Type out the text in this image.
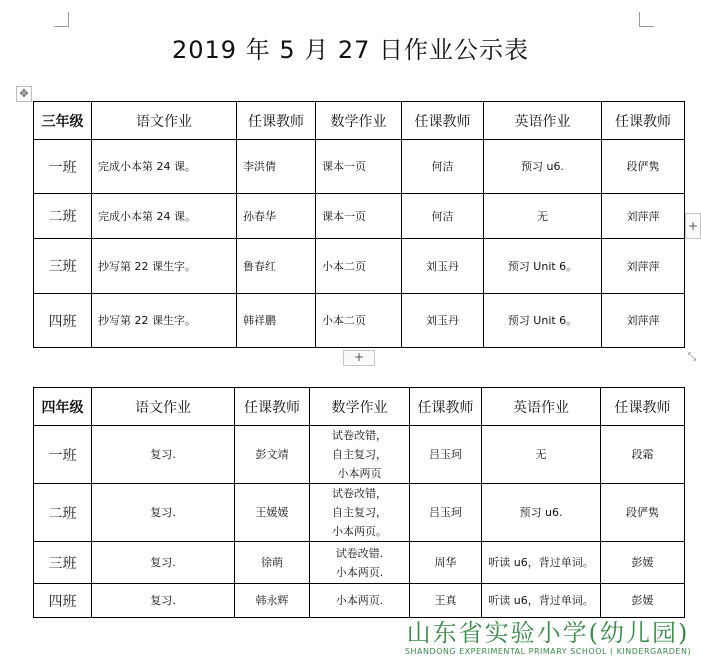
2019 年 5 月 27 日作业公示表
✥
三年级	语文作业	任课教师	数学作业	任课教师	英语作业	任课教师
一班	完成小本第 24 课。	李洪倩	课本一页	何洁	预习 u6.	段俨隽
二班	完成小本第 24 课。	孙春华	课本一页	何洁	无	刘萍萍
三班	抄写第 22 课生字。	鲁春红	小本二页	刘玉丹	预习 Unit 6。	刘萍萍
四班	抄写第 22 课生字。	韩祥鹏	小本二页	刘玉丹	预习 Unit 6。	刘萍萍
+
+
⤡
四年级	语文作业	任课教师	数学作业	任课教师	英语作业	任课教师
一班	复习.	彭文靖	试卷改错，
自主复习，
小本两页	吕玉珂	无	段霜
二班	复习.	王媛媛	试卷改错，
自主复习，
小本两页。	吕玉珂	预习 u6.	段俨隽
三班	复习.	徐萌	试卷改错.
小本两页.	周华	听读 u6，背过单词。	彭媛
四班	复习.	韩永辉	小本两页.	王真	听读 u6，背过单词。	彭媛
山东省实验小学(幼儿园)
SHANDONG EXPERIMENTAL PRIMARY SCHOOL ( KINDERGARDEN)
